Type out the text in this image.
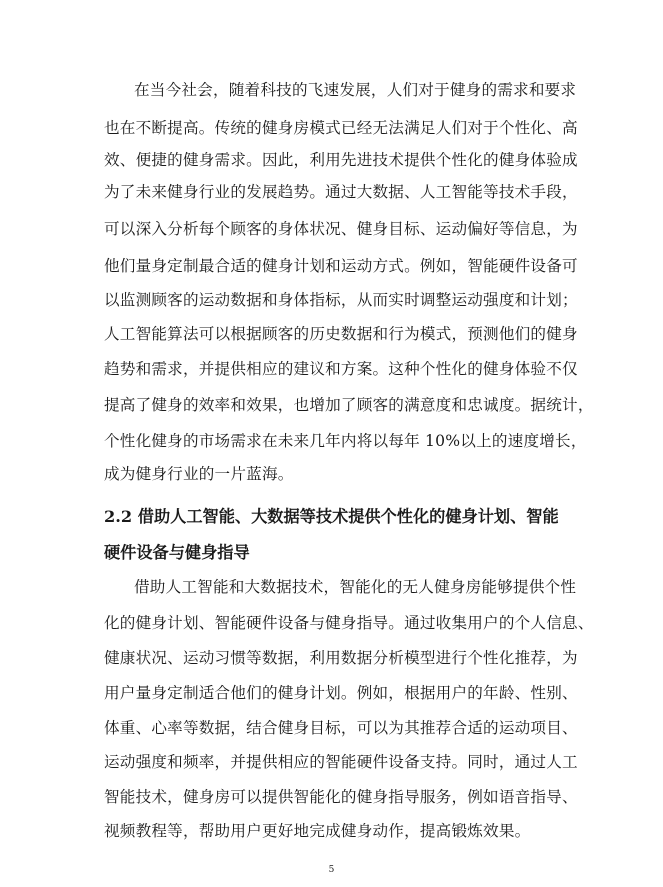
在当今社会，随着科技的飞速发展，人们对于健身的需求和要求
也在不断提高。传统的健身房模式已经无法满足人们对于个性化、高
效、便捷的健身需求。因此，利用先进技术提供个性化的健身体验成
为了未来健身行业的发展趋势。通过大数据、人工智能等技术手段，
可以深入分析每个顾客的身体状况、健身目标、运动偏好等信息，为
他们量身定制最合适的健身计划和运动方式。例如，智能硬件设备可
以监测顾客的运动数据和身体指标，从而实时调整运动强度和计划；
人工智能算法可以根据顾客的历史数据和行为模式，预测他们的健身
趋势和需求，并提供相应的建议和方案。这种个性化的健身体验不仅
提高了健身的效率和效果，也增加了顾客的满意度和忠诚度。据统计，
个性化健身的市场需求在未来几年内将以每年 10%以上的速度增长，
成为健身行业的一片蓝海。
2.2 借助人工智能、大数据等技术提供个性化的健身计划、智能
硬件设备与健身指导
借助人工智能和大数据技术，智能化的无人健身房能够提供个性
化的健身计划、智能硬件设备与健身指导。通过收集用户的个人信息、
健康状况、运动习惯等数据，利用数据分析模型进行个性化推荐，为
用户量身定制适合他们的健身计划。例如，根据用户的年龄、性别、
体重、心率等数据，结合健身目标，可以为其推荐合适的运动项目、
运动强度和频率，并提供相应的智能硬件设备支持。同时，通过人工
智能技术，健身房可以提供智能化的健身指导服务，例如语音指导、
视频教程等，帮助用户更好地完成健身动作，提高锻炼效果。
5
